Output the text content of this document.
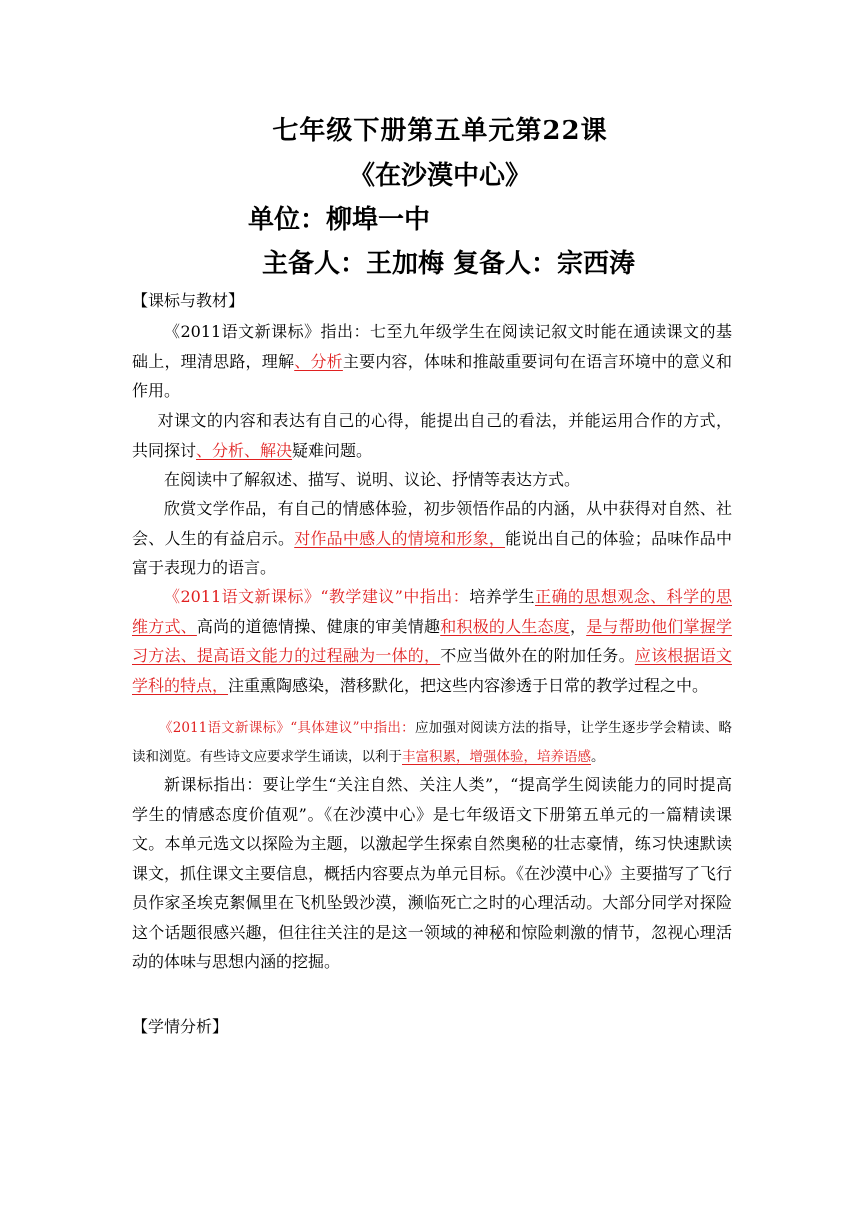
七年级下册第五单元第22课
《在沙漠中心》
单位：柳埠一中
主备人：王加梅 复备人：宗西涛
【课标与教材】
《2011语文新课标》指出：七至九年级学生在阅读记叙文时能在通读课文的基础上，理清思路，理解、分析主要内容，体味和推敲重要词句在语言环境中的意义和作用。
对课文的内容和表达有自己的心得，能提出自己的看法，并能运用合作的方式，共同探讨、分析、解决疑难问题。
在阅读中了解叙述、描写、说明、议论、抒情等表达方式。
欣赏文学作品，有自己的情感体验，初步领悟作品的内涵，从中获得对自然、社会、人生的有益启示。对作品中感人的情境和形象，能说出自己的体验；品味作品中富于表现力的语言。
《2011语文新课标》“教学建议”中指出：培养学生正确的思想观念、科学的思维方式、高尚的道德情操、健康的审美情趣和积极的人生态度，是与帮助他们掌握学习方法、提高语文能力的过程融为一体的，不应当做外在的附加任务。应该根据语文学科的特点，注重熏陶感染，潜移默化，把这些内容渗透于日常的教学过程之中。
《2011语文新课标》“具体建议”中指出：应加强对阅读方法的指导，让学生逐步学会精读、略读和浏览。有些诗文应要求学生诵读，以利于丰富积累，增强体验，培养语感。
新课标指出：要让学生“关注自然、关注人类”，“提高学生阅读能力的同时提高学生的情感态度价值观”。《在沙漠中心》是七年级语文下册第五单元的一篇精读课文。本单元选文以探险为主题，以激起学生探索自然奥秘的壮志豪情，练习快速默读课文，抓住课文主要信息，概括内容要点为单元目标。《在沙漠中心》主要描写了飞行员作家圣埃克絮佩里在飞机坠毁沙漠，濒临死亡之时的心理活动。大部分同学对探险这个话题很感兴趣，但往往关注的是这一领域的神秘和惊险刺激的情节，忽视心理活动的体味与思想内涵的挖掘。
【学情分析】
